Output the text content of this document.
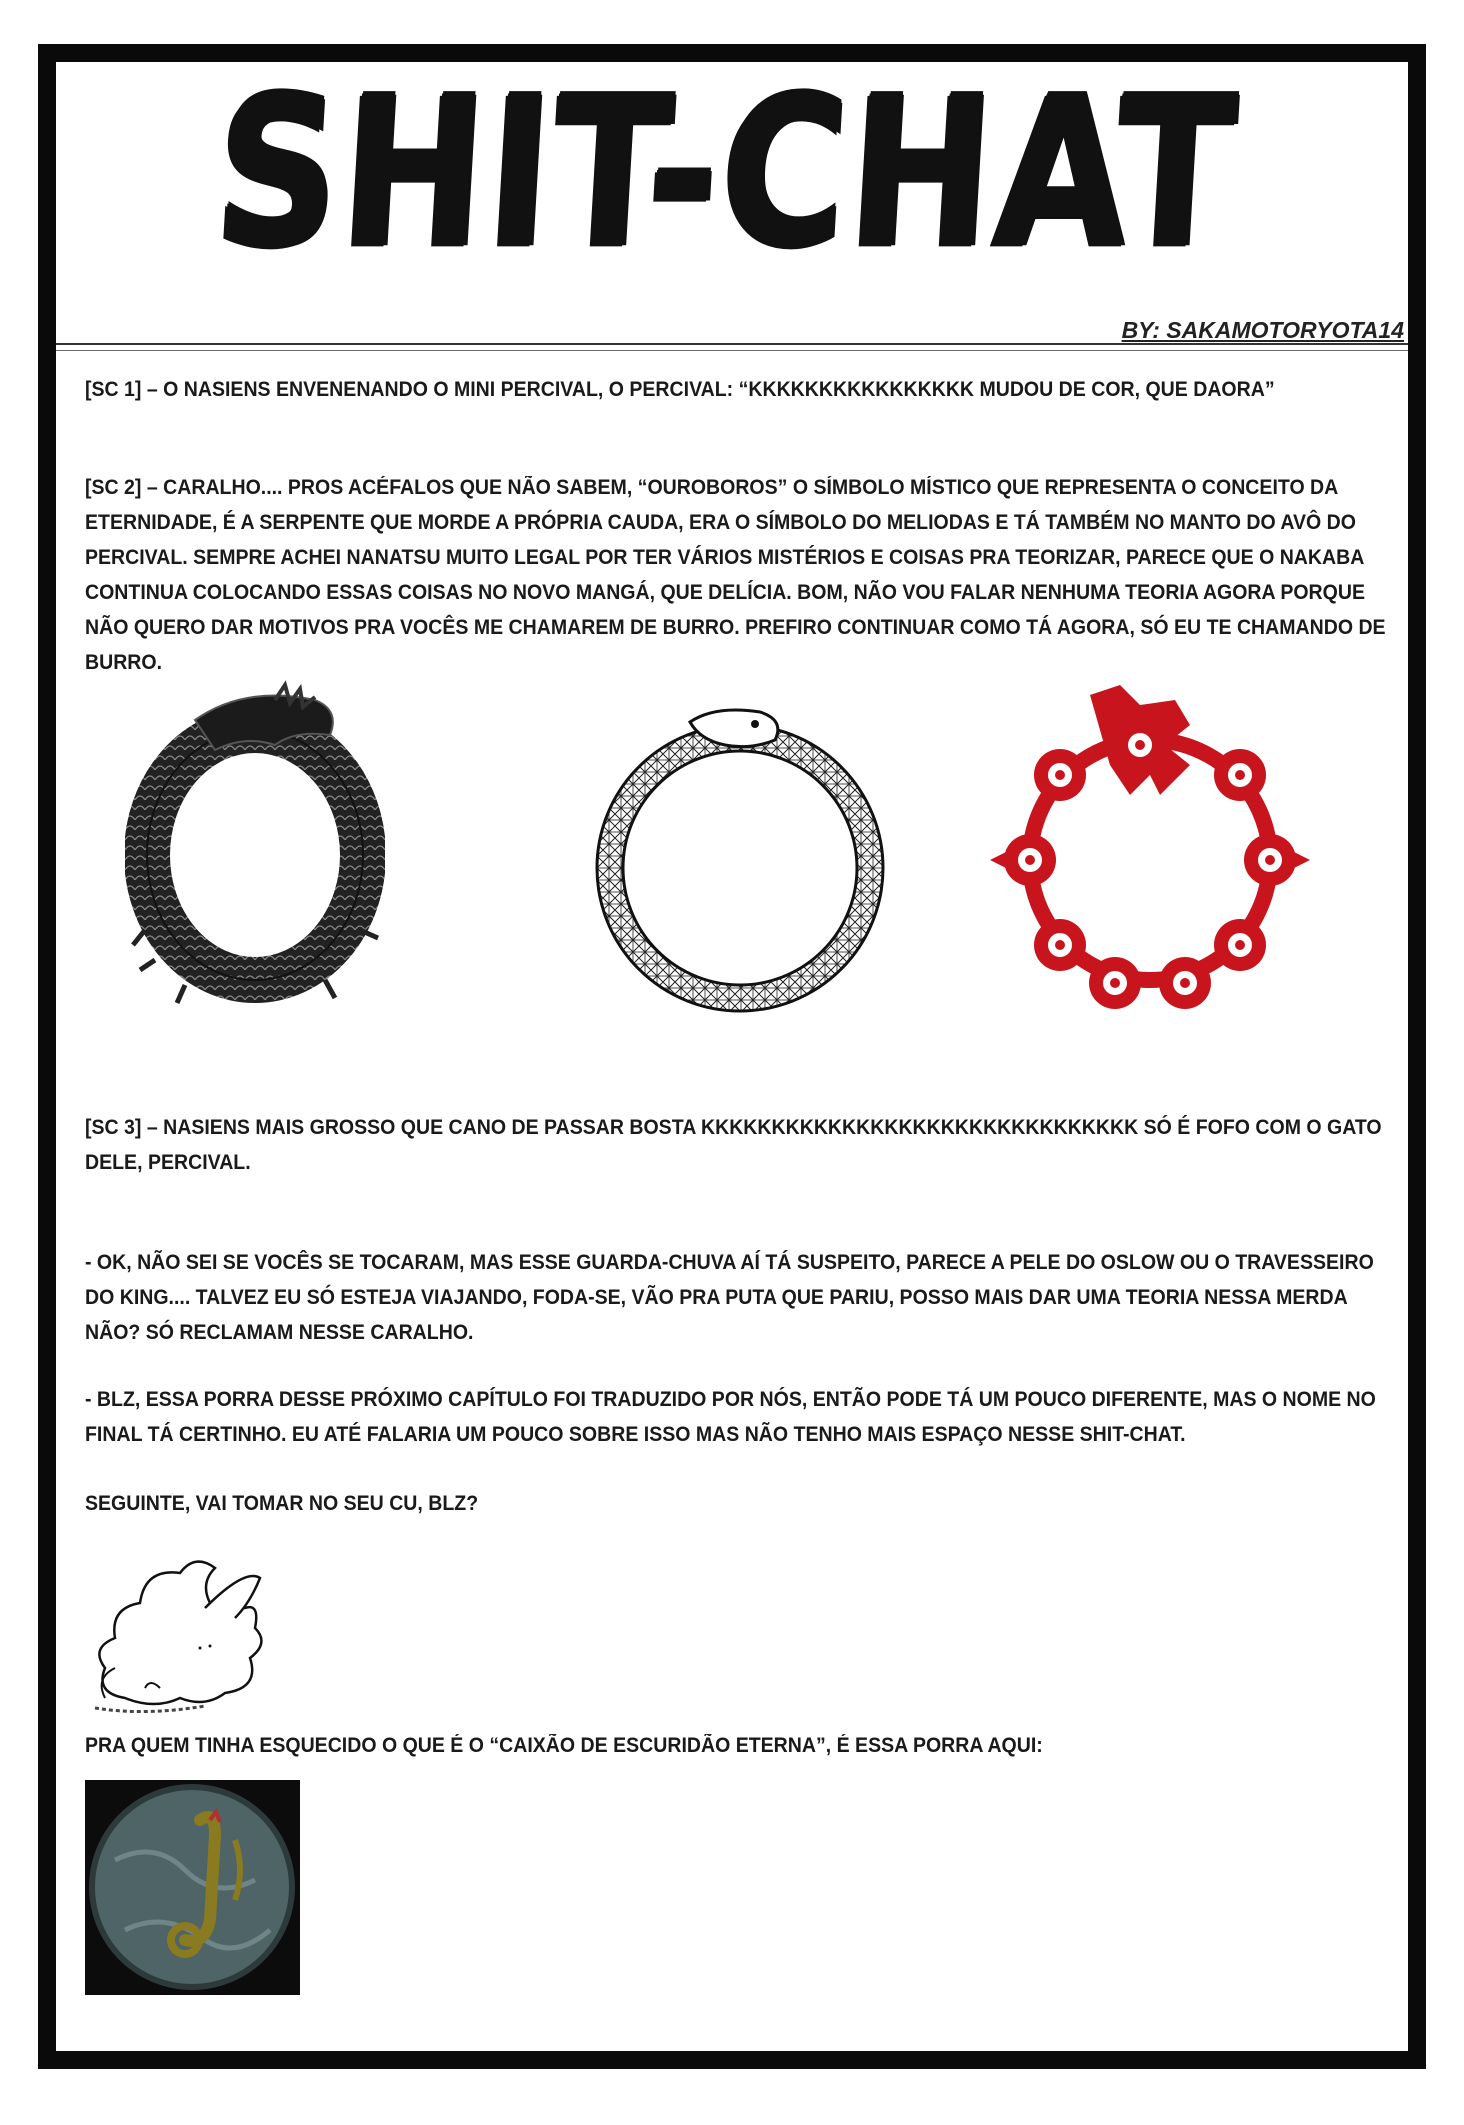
SHIT-CHAT
BY: SAKAMOTORYOTA14
[SC 1] – O NASIENS ENVENENANDO O MINI PERCIVAL, O PERCIVAL: “KKKKKKKKKKKKKKKK MUDOU DE COR, QUE DAORA”
[SC 2] – CARALHO.... PROS ACÉFALOS QUE NÃO SABEM, “OUROBOROS” O SÍMBOLO MÍSTICO QUE REPRESENTA O CONCEITO DA ETERNIDADE, É A SERPENTE QUE MORDE A PRÓPRIA CAUDA, ERA O SÍMBOLO DO MELIODAS E TÁ TAMBÉM NO MANTO DO AVÔ DO PERCIVAL. SEMPRE ACHEI NANATSU MUITO LEGAL POR TER VÁRIOS MISTÉRIOS E COISAS PRA TEORIZAR, PARECE QUE O NAKABA CONTINUA COLOCANDO ESSAS COISAS NO NOVO MANGÁ, QUE DELÍCIA. BOM, NÃO VOU FALAR NENHUMA TEORIA AGORA PORQUE NÃO QUERO DAR MOTIVOS PRA VOCÊS ME CHAMAREM DE BURRO. PREFIRO CONTINUAR COMO TÁ AGORA, SÓ EU TE CHAMANDO DE BURRO.
[SC 3] – NASIENS MAIS GROSSO QUE CANO DE PASSAR BOSTA KKKKKKKKKKKKKKKKKKKKKKKKKKKKKKK SÓ É FOFO COM O GATO DELE, PERCIVAL.
- OK, NÃO SEI SE VOCÊS SE TOCARAM, MAS ESSE GUARDA-CHUVA AÍ TÁ SUSPEITO, PARECE A PELE DO OSLOW OU O TRAVESSEIRO DO KING.... TALVEZ EU SÓ ESTEJA VIAJANDO, FODA-SE, VÃO PRA PUTA QUE PARIU, POSSO MAIS DAR UMA TEORIA NESSA MERDA NÃO? SÓ RECLAMAM NESSE CARALHO.
- BLZ, ESSA PORRA DESSE PRÓXIMO CAPÍTULO FOI TRADUZIDO POR NÓS, ENTÃO PODE TÁ UM POUCO DIFERENTE, MAS O NOME NO FINAL TÁ CERTINHO. EU ATÉ FALARIA UM POUCO SOBRE ISSO MAS NÃO TENHO MAIS ESPAÇO NESSE SHIT-CHAT.
SEGUINTE, VAI TOMAR NO SEU CU, BLZ?
PRA QUEM TINHA ESQUECIDO O QUE É O “CAIXÃO DE ESCURIDÃO ETERNA”, É ESSA PORRA AQUI:
